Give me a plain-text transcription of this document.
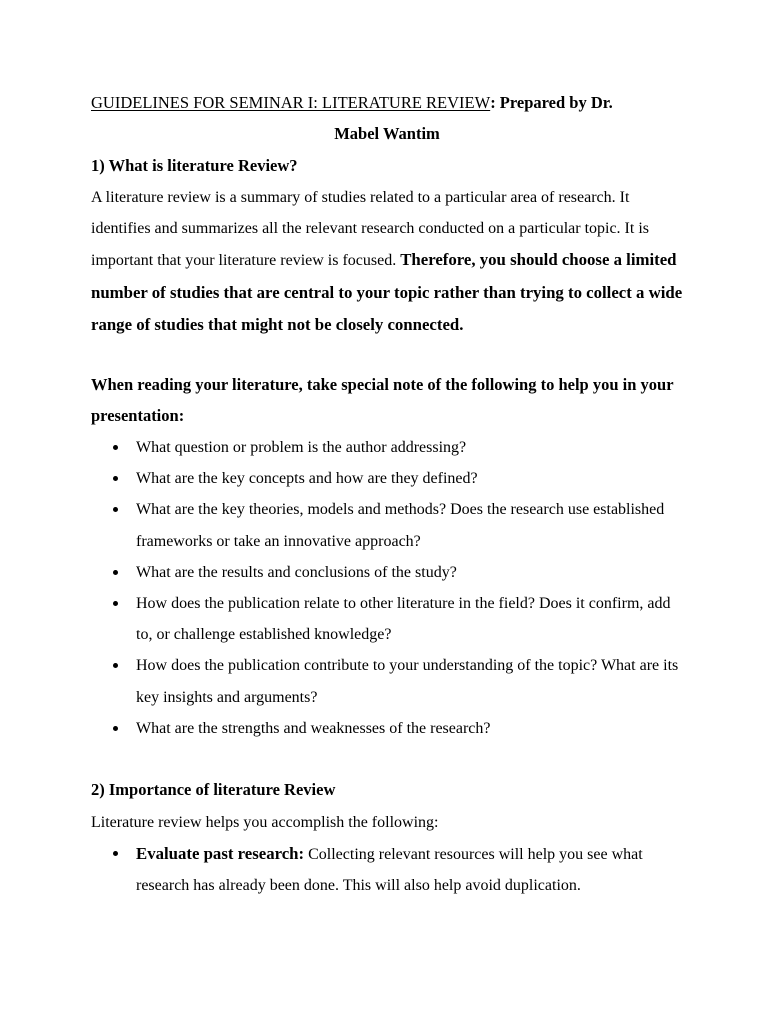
GUIDELINES FOR SEMINAR I: LITERATURE REVIEW: Prepared by Dr.
Mabel Wantim

1) What is literature Review?

A literature review is a summary of studies related to a particular area of research. It identifies and summarizes all the relevant research conducted on a particular topic. It is important that your literature review is focused. Therefore, you should choose a limited number of studies that are central to your topic rather than trying to collect a wide range of studies that might not be closely connected.

When reading your literature, take special note of the following to help you in your presentation:

What question or problem is the author addressing?
What are the key concepts and how are they defined?
What are the key theories, models and methods? Does the research use established frameworks or take an innovative approach?
What are the results and conclusions of the study?
How does the publication relate to other literature in the field? Does it confirm, add to, or challenge established knowledge?
How does the publication contribute to your understanding of the topic? What are its key insights and arguments?
What are the strengths and weaknesses of the research?

2) Importance of literature Review

Literature review helps you accomplish the following:

Evaluate past research: Collecting relevant resources will help you see what research has already been done. This will also help avoid duplication.
